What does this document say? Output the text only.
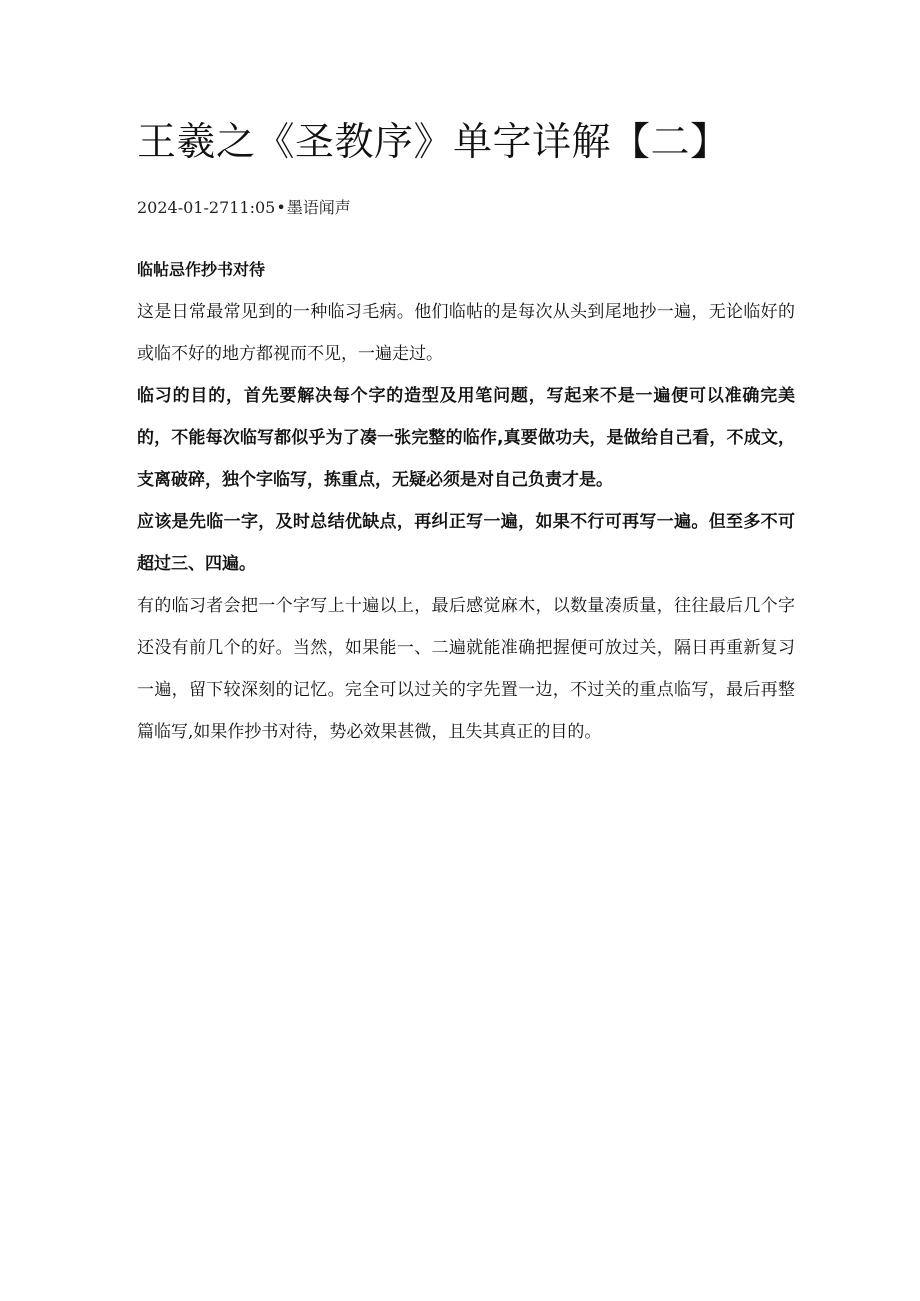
王羲之《圣教序》单字详解【二】
2024-01-2711:05•墨语闻声
临帖忌作抄书对待

这是日常最常见到的一种临习毛病。他们临帖的是每次从头到尾地抄一遍，无论临好的或临不好的地方都视而不见，一遍走过。

临习的目的，首先要解决每个字的造型及用笔问题，写起来不是一遍便可以准确完美的，不能每次临写都似乎为了凑一张完整的临作,真要做功夫，是做给自己看，不成文，支离破碎，独个字临写，拣重点，无疑必须是对自己负责才是。

应该是先临一字，及时总结优缺点，再纠正写一遍，如果不行可再写一遍。但至多不可超过三、四遍。

有的临习者会把一个字写上十遍以上，最后感觉麻木，以数量凑质量，往往最后几个字还没有前几个的好。当然，如果能一、二遍就能准确把握便可放过关，隔日再重新复习一遍，留下较深刻的记忆。完全可以过关的字先置一边，不过关的重点临写，最后再整篇临写,如果作抄书对待，势必效果甚微，且失其真正的目的。
